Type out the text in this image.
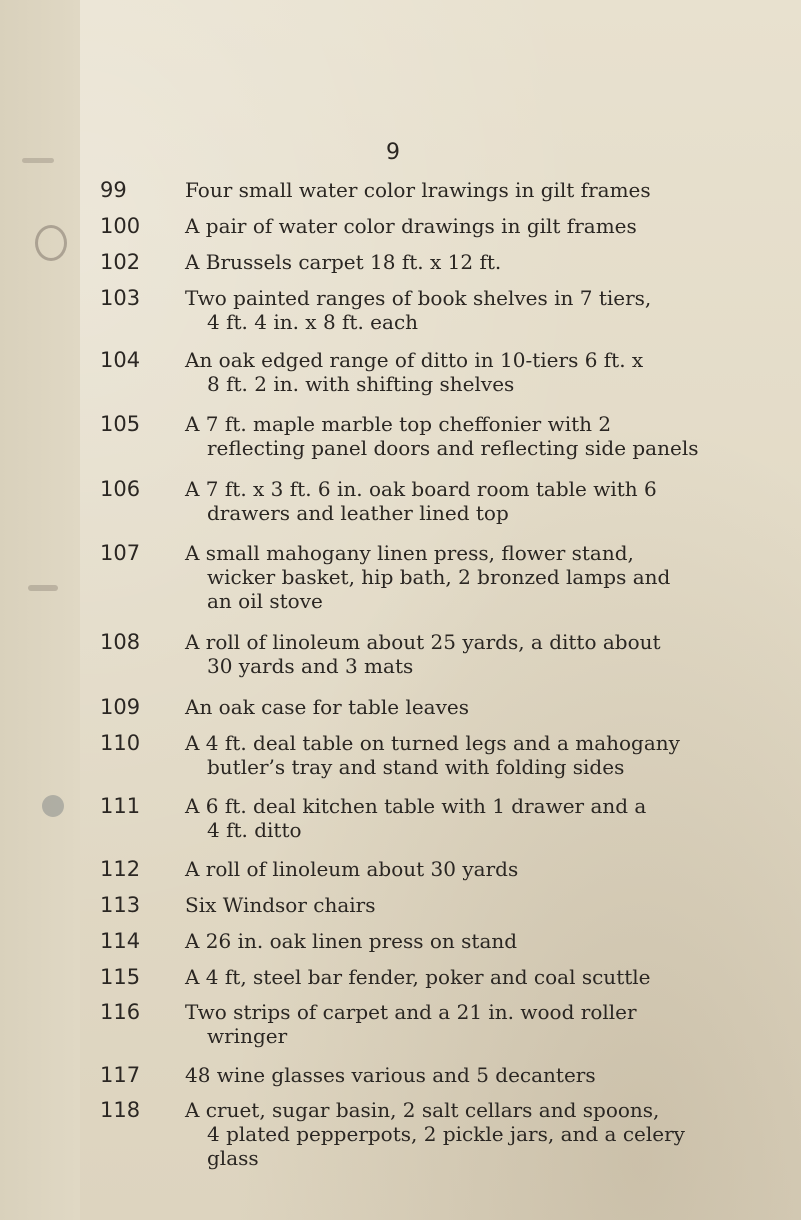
9
99	Four small water color lrawings in gilt frames
100 A pair of water color drawings in gilt frames
102 A Brussels carpet 18 ft. x 12 ft.
103 Two painted ranges of book shelves in 7 tiers,
4 ft. 4 in. x 8 ft. each
104 An oak edged range of ditto in 10-tiers 6 ft. x
8 ft. 2 in. with shifting shelves
105 A 7 ft. maple marble top cheffonier with 2
reflecting panel doors and reflecting side panels
106 A 7 ft. x 3 ft. 6 in. oak board room table with 6
drawers and leather lined top
107 A small mahogany linen press, flower stand,
wicker basket, hip bath, 2 bronzed lamps and
an oil stove
108 A roll of linoleum about 25 yards, a ditto about
30 yards and 3 mats
109 An oak case for table leaves
110 A 4 ft. deal table on turned legs and a mahogany
butler’s tray and stand with folding sides
111 A 6 ft. deal kitchen table with 1 drawer and a
4 ft. ditto
112 A roll of linoleum about 30 yards
113 Six Windsor chairs
114 A 26 in. oak linen press on stand
115 A 4 ft, steel bar fender, poker and coal scuttle
116 Two strips of carpet and a 21 in. wood roller
wringer
117 48 wine glasses various and 5 decanters
118 A cruet, sugar basin, 2 salt cellars and spoons,
4 plated pepperpots, 2 pickle jars, and a celery
glass
